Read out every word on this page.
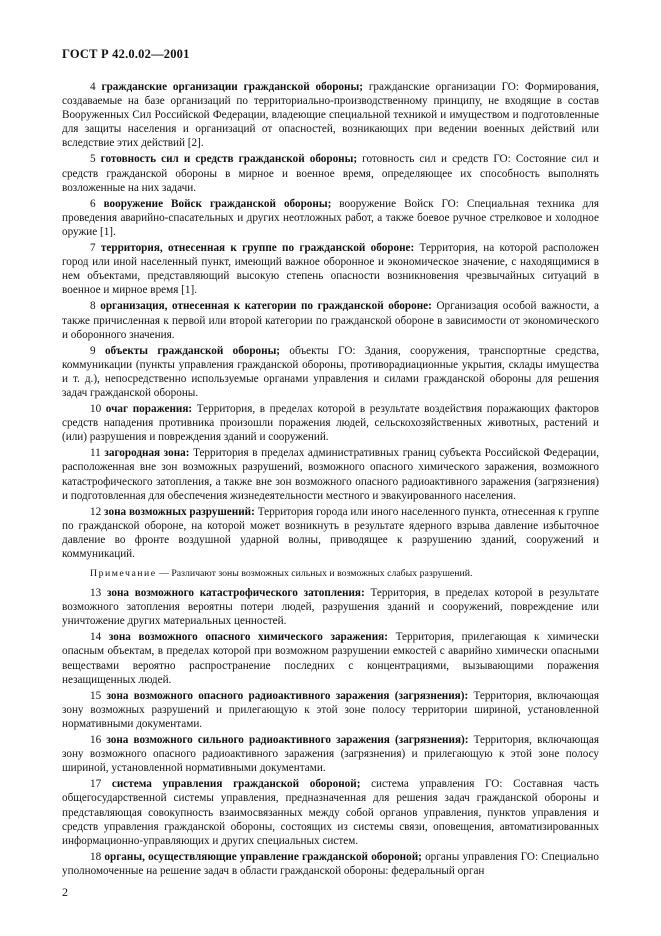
ГОСТ Р 42.0.02—2001

4 гражданские организации гражданской обороны; гражданские организации ГО: Формирования, создаваемые на базе организаций по территориально-производственному принципу, не входящие в состав Вооруженных Сил Российской Федерации, владеющие специальной техникой и имуществом и подготовленные для защиты населения и организаций от опасностей, возникающих при ведении военных действий или вследствие этих действий [2].

5 готовность сил и средств гражданской обороны; готовность сил и средств ГО: Состояние сил и средств гражданской обороны в мирное и военное время, определяющее их способность выполнять возложенные на них задачи.

6 вооружение Войск гражданской обороны; вооружение Войск ГО: Специальная техника для проведения аварийно-спасательных и других неотложных работ, а также боевое ручное стрелковое и холодное оружие [1].

7 территория, отнесенная к группе по гражданской обороне: Территория, на которой расположен город или иной населенный пункт, имеющий важное оборонное и экономическое значение, с находящимися в нем объектами, представляющий высокую степень опасности возникновения чрезвычайных ситуаций в военное и мирное время [1].

8 организация, отнесенная к категории по гражданской обороне: Организация особой важности, а также причисленная к первой или второй категории по гражданской обороне в зависимости от экономического и оборонного значения.

9 объекты гражданской обороны; объекты ГО: Здания, сооружения, транспортные средства, коммуникации (пункты управления гражданской обороны, противорадиационные укрытия, склады имущества и т. д.), непосредственно используемые органами управления и силами гражданской обороны для решения задач гражданской обороны.

10 очаг поражения: Территория, в пределах которой в результате воздействия поражающих факторов средств нападения противника произошли поражения людей, сельскохозяйственных животных, растений и (или) разрушения и повреждения зданий и сооружений.

11 загородная зона: Территория в пределах административных границ субъекта Российской Федерации, расположенная вне зон возможных разрушений, возможного опасного химического заражения, возможного катастрофического затопления, а также вне зон возможного опасного радиоактивного заражения (загрязнения) и подготовленная для обеспечения жизнедеятельности местного и эвакуированного населения.

12 зона возможных разрушений: Территория города или иного населенного пункта, отнесенная к группе по гражданской обороне, на которой может возникнуть в результате ядерного взрыва давление избыточное давление во фронте воздушной ударной волны, приводящее к разрушению зданий, сооружений и коммуникаций.

Примечание — Различают зоны возможных сильных и возможных слабых разрушений.

13 зона возможного катастрофического затопления: Территория, в пределах которой в результате возможного затопления вероятны потери людей, разрушения зданий и сооружений, повреждение или уничтожение других материальных ценностей.

14 зона возможного опасного химического заражения: Территория, прилегающая к химически опасным объектам, в пределах которой при возможном разрушении емкостей с аварийно химически опасными веществами вероятно распространение последних с концентрациями, вызывающими поражения незащищенных людей.

15 зона возможного опасного радиоактивного заражения (загрязнения): Территория, включающая зону возможных разрушений и прилегающую к этой зоне полосу территории шириной, установленной нормативными документами.

16 зона возможного сильного радиоактивного заражения (загрязнения): Территория, включающая зону возможного опасного радиоактивного заражения (загрязнения) и прилегающую к этой зоне полосу шириной, установленной нормативными документами.

17 система управления гражданской обороной; система управления ГО: Составная часть общегосударственной системы управления, предназначенная для решения задач гражданской обороны и представляющая совокупность взаимосвязанных между собой органов управления, пунктов управления и средств управления гражданской обороны, состоящих из системы связи, оповещения, автоматизированных информационно-управляющих и других специальных систем.

18 органы, осуществляющие управление гражданской обороной; органы управления ГО: Специально уполномоченные на решение задач в области гражданской обороны: федеральный орган

2
